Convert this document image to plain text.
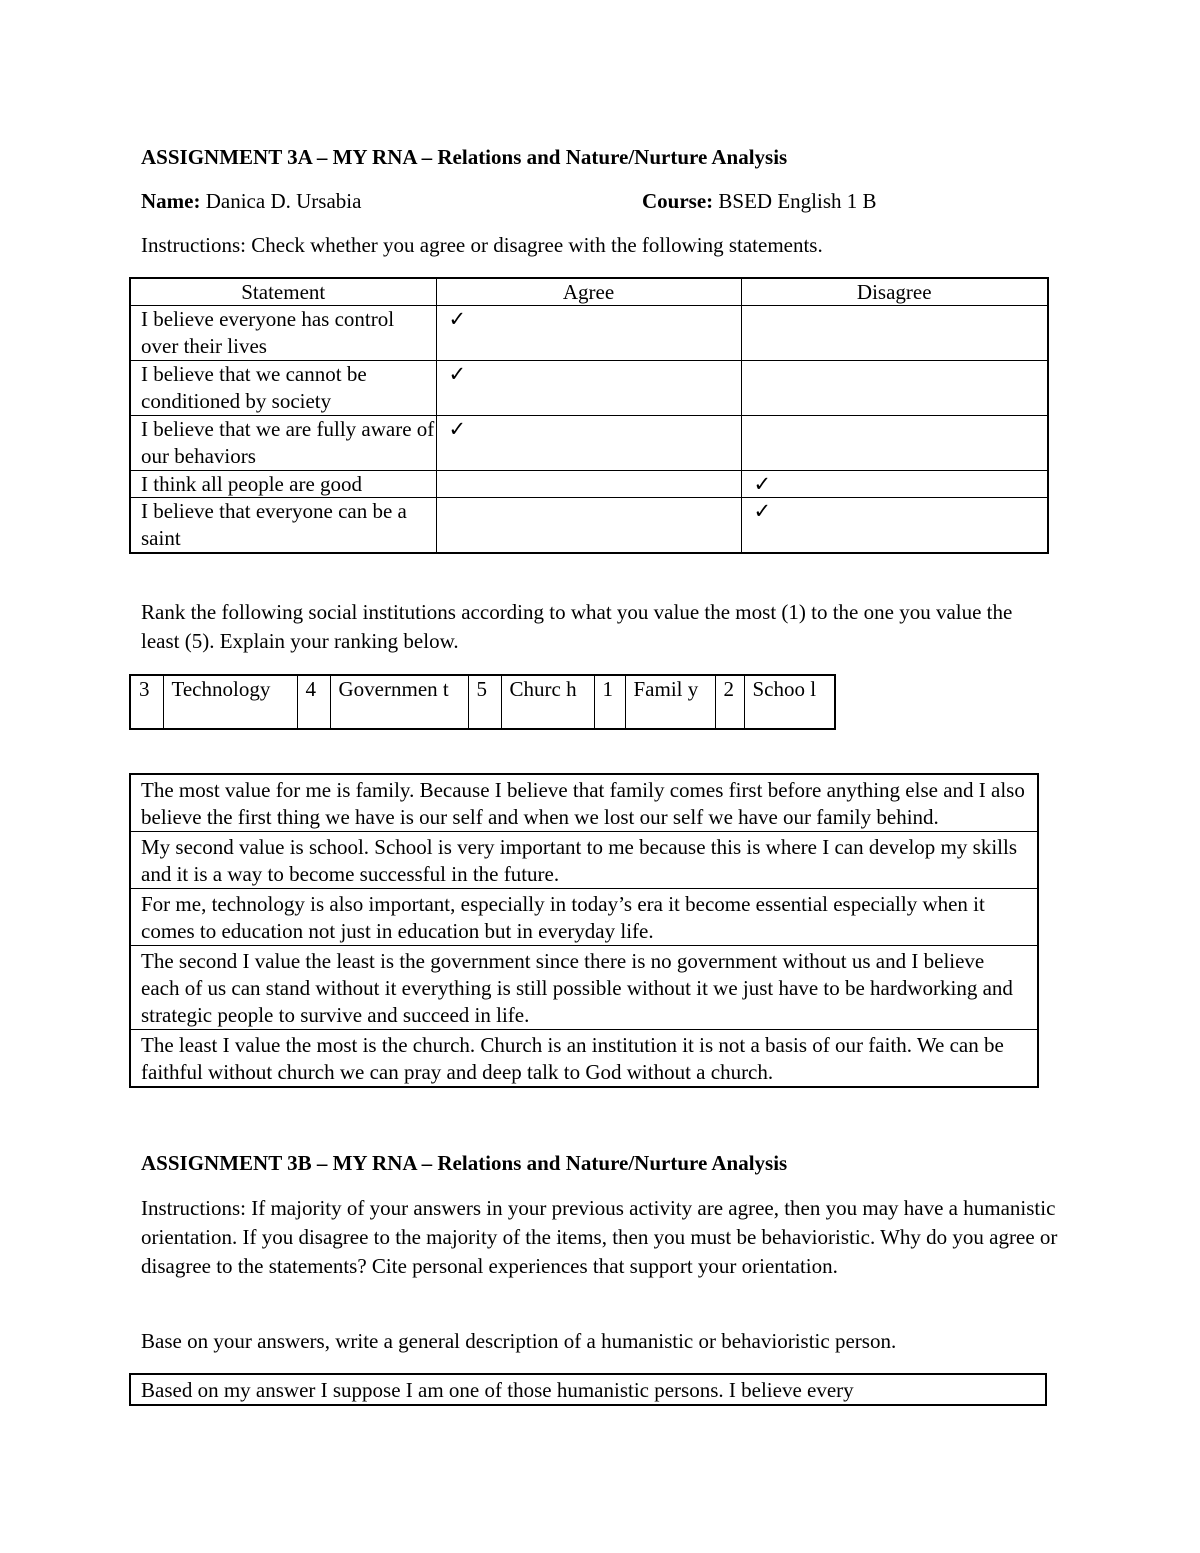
ASSIGNMENT 3A – MY RNA – Relations and Nature/Nurture Analysis
Name: Danica D. Ursabia	Course: BSED English 1 B
Instructions: Check whether you agree or disagree with the following statements.
Statement	Agree	Disagree
I believe everyone has control over their lives	✓	
I believe that we cannot be conditioned by society	✓	
I believe that we are fully aware of our behaviors	✓	
I think all people are good		✓
I believe that everyone can be a saint		✓
Rank the following social institutions according to what you value the most (1) to the one you value the least (5). Explain your ranking below.
3	Technology	4	Governmen t	5	Churc h	1	Famil y	2	Schoo l
The most value for me is family. Because I believe that family comes first before anything else and I also believe the first thing we have is our self and when we lost our self we have our family behind.
My second value is school. School is very important to me because this is where I can develop my skills and it is a way to become successful in the future.
For me, technology is also important, especially in today’s era it become essential especially when it comes to education not just in education but in everyday life.
The second I value the least is the government since there is no government without us and I believe each of us can stand without it everything is still possible without it we just have to be hardworking and strategic people to survive and succeed in life.
The least I value the most is the church. Church is an institution it is not a basis of our faith. We can be faithful without church we can pray and deep talk to God without a church.
ASSIGNMENT 3B – MY RNA – Relations and Nature/Nurture Analysis
Instructions: If majority of your answers in your previous activity are agree, then you may have a humanistic orientation. If you disagree to the majority of the items, then you must be behavioristic. Why do you agree or disagree to the statements? Cite personal experiences that support your orientation.
Base on your answers, write a general description of a humanistic or behavioristic person.
Based on my answer I suppose I am one of those humanistic persons. I believe every
